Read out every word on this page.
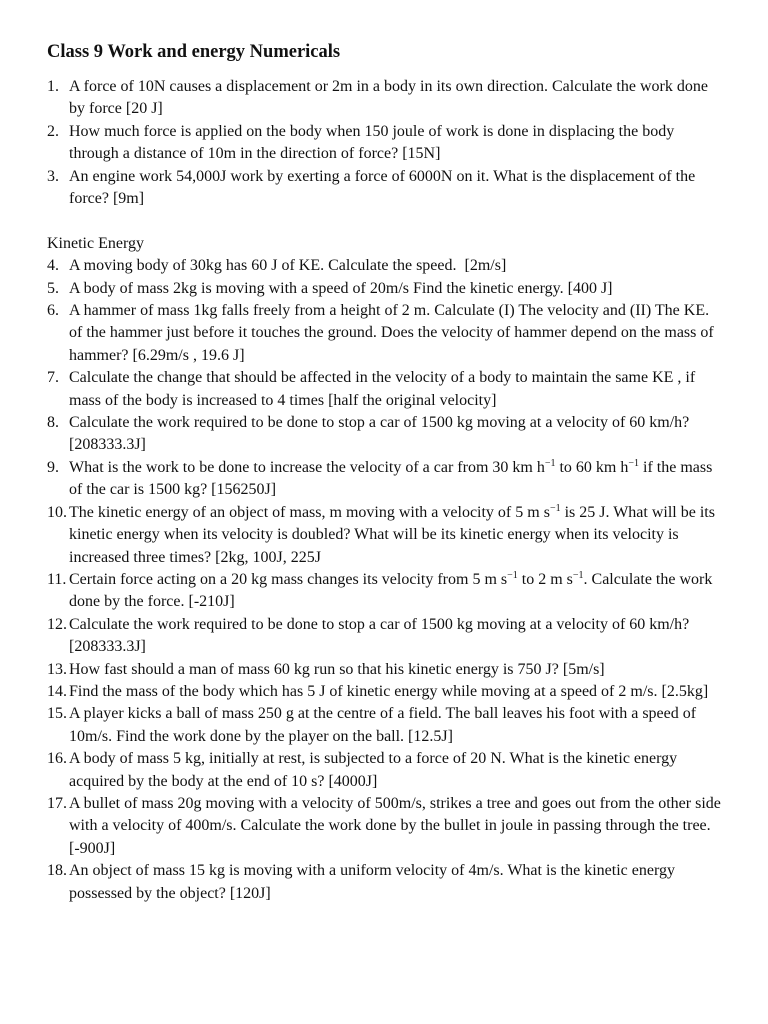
Class 9 Work and energy Numericals
1. A force of 10N causes a displacement or 2m in a body in its own direction. Calculate the work done by force [20 J]
2. How much force is applied on the body when 150 joule of work is done in displacing the body through a distance of 10m in the direction of force? [15N]
3. An engine work 54,000J work by exerting a force of 6000N on it. What is the displacement of the force? [9m]
Kinetic Energy
4. A moving body of 30kg has 60 J of KE. Calculate the speed.  [2m/s]
5. A body of mass 2kg is moving with a speed of 20m/s Find the kinetic energy. [400 J]
6. A hammer of mass 1kg falls freely from a height of 2 m. Calculate (I) The velocity and (II) The KE. of the hammer just before it touches the ground. Does the velocity of hammer depend on the mass of hammer? [6.29m/s , 19.6 J]
7. Calculate the change that should be affected in the velocity of a body to maintain the same KE , if mass of the body is increased to 4 times [half the original velocity]
8. Calculate the work required to be done to stop a car of 1500 kg moving at a velocity of 60 km/h? [208333.3J]
9. What is the work to be done to increase the velocity of a car from 30 km $h^{-1}$ to 60 km $h^{-1}$ if the mass of the car is 1500 kg? [156250J]
10. The kinetic energy of an object of mass, m moving with a velocity of 5 m $s^{-1}$ is 25 J. What will be its kinetic energy when its velocity is doubled? What will be its kinetic energy when its velocity is increased three times? [2kg, 100J, 225J
11. Certain force acting on a 20 kg mass changes its velocity from 5 m $s^{-1}$ to 2 m $s^{-1}$. Calculate the work done by the force. [-210J]
12. Calculate the work required to be done to stop a car of 1500 kg moving at a velocity of 60 km/h? [208333.3J]
13. How fast should a man of mass 60 kg run so that his kinetic energy is 750 J? [5m/s]
14. Find the mass of the body which has 5 J of kinetic energy while moving at a speed of 2 m/s. [2.5kg]
15. A player kicks a ball of mass 250 g at the centre of a field. The ball leaves his foot with a speed of 10m/s. Find the work done by the player on the ball. [12.5J]
16. A body of mass 5 kg, initially at rest, is subjected to a force of 20 N. What is the kinetic energy acquired by the body at the end of 10 s? [4000J]
17. A bullet of mass 20g moving with a velocity of 500m/s, strikes a tree and goes out from the other side with a velocity of 400m/s. Calculate the work done by the bullet in joule in passing through the tree. [-900J]
18. An object of mass 15 kg is moving with a uniform velocity of 4m/s. What is the kinetic energy possessed by the object? [120J]
